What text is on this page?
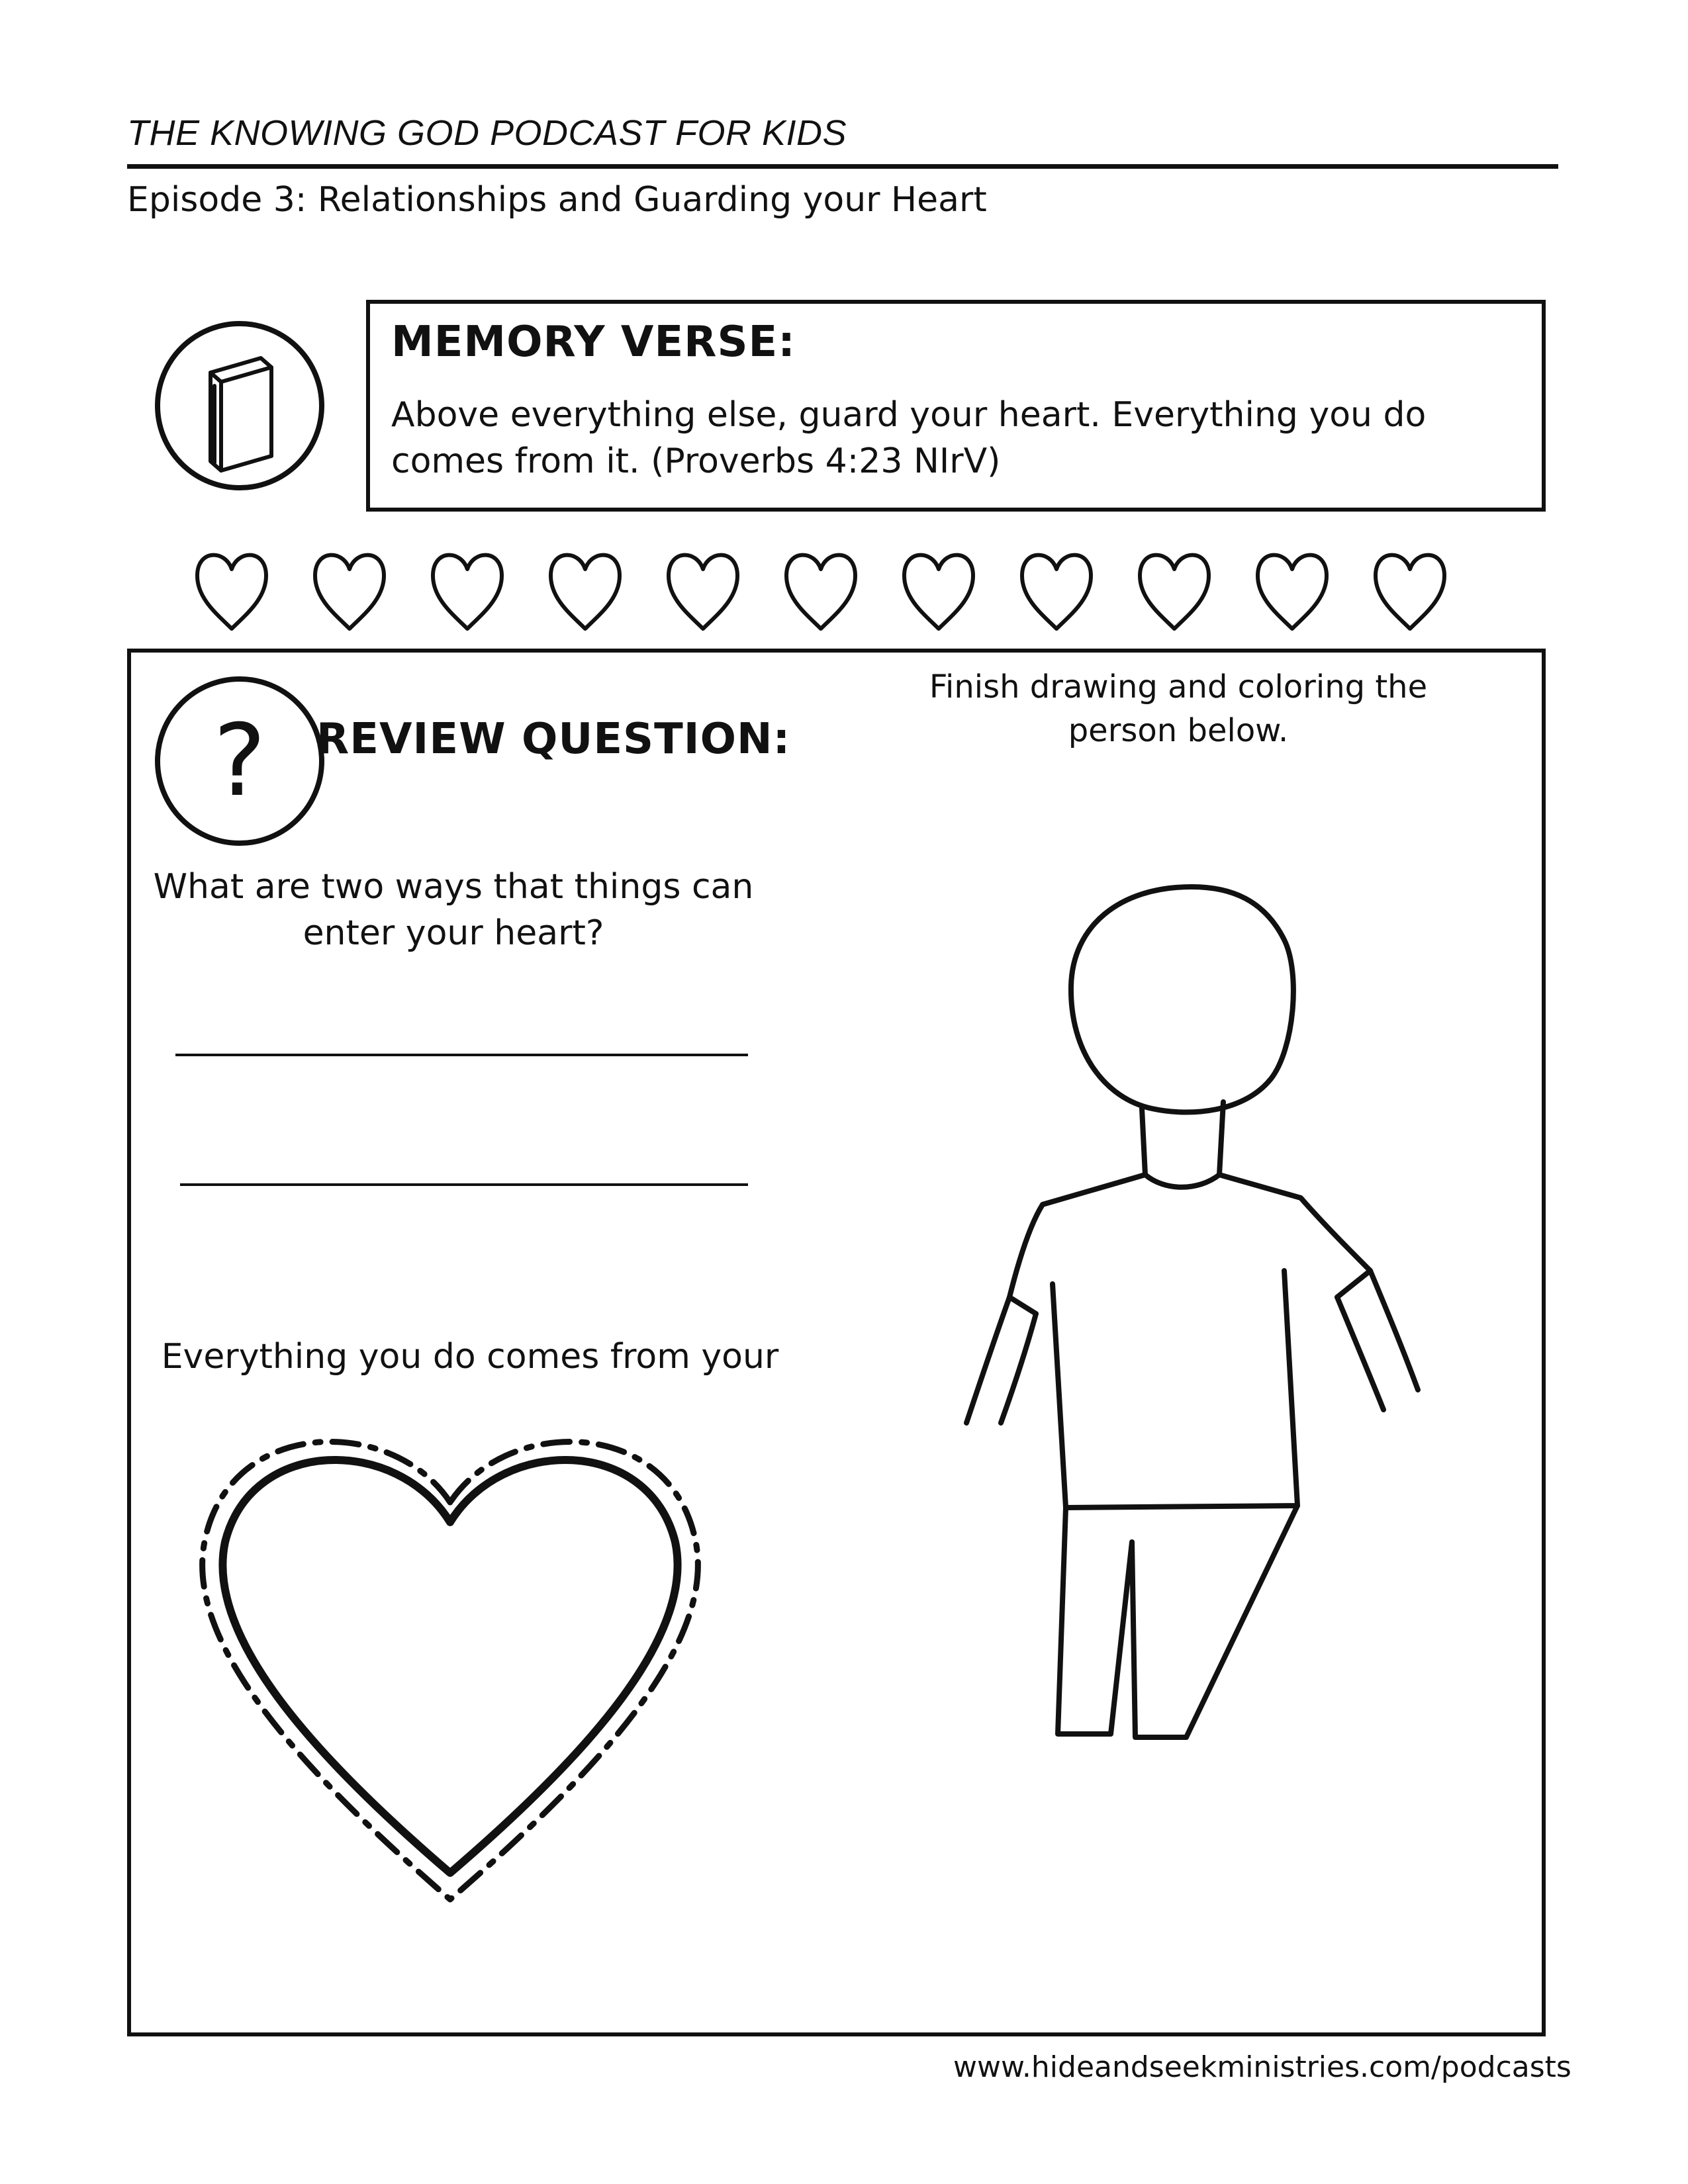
THE KNOWING GOD PODCAST FOR KIDS
Episode 3: Relationships and Guarding your Heart
MEMORY VERSE:
Above everything else, guard your heart. Everything you do comes from it. (Proverbs 4:23 NIrV)
?	REVIEW QUESTION:
Finish drawing and coloring the person below.
What are two ways that things can enter your heart?
Everything you do comes from your
www.hideandseekministries.com/podcasts
